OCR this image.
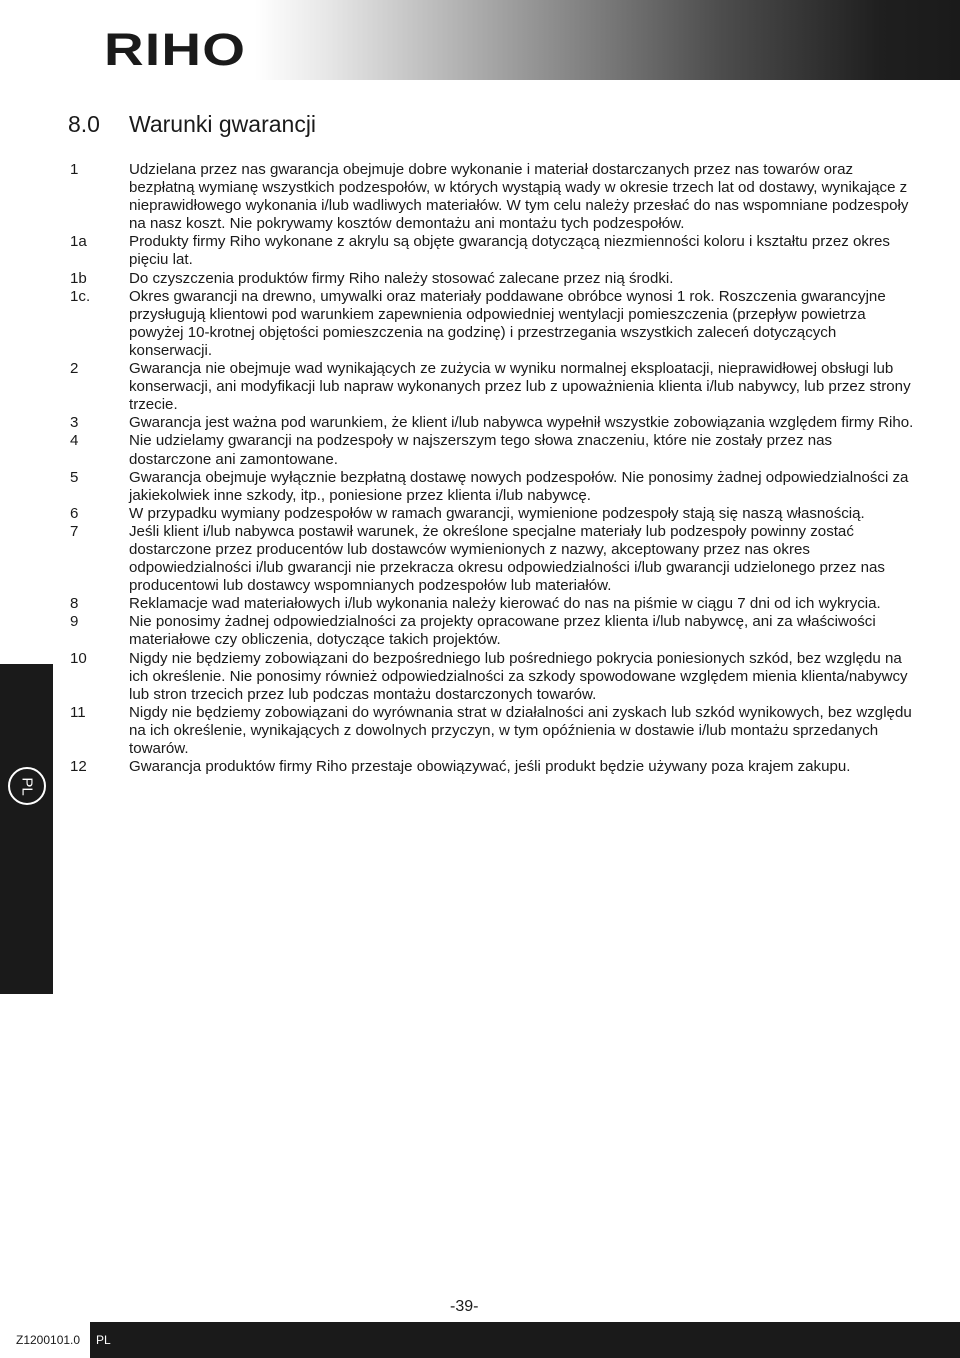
RIHO
8.0 Warunki gwarancji
1	Udzielana przez nas gwarancja obejmuje dobre wykonanie i materiał dostarczanych przez nas towarów oraz bezpłatną wymianę wszystkich podzespołów, w których wystąpią wady w okresie trzech lat od dostawy, wynikające z nieprawidłowego wykonania i/lub wadliwych materiałów. W tym celu należy przesłać do nas wspomniane podzespoły na nasz koszt. Nie pokrywamy kosztów demontażu ani montażu tych podzespołów.
1a	Produkty firmy Riho wykonane z akrylu są objęte gwarancją dotyczącą niezmienności koloru i kształtu przez okres pięciu lat.
1b	Do czyszczenia produktów firmy Riho należy stosować zalecane przez nią środki.
1c.	Okres gwarancji na drewno, umywalki oraz materiały poddawane obróbce wynosi 1 rok. Roszczenia gwarancyjne przysługują klientowi pod warunkiem zapewnienia odpowiedniej wentylacji pomieszczenia (przepływ powietrza powyżej 10-krotnej objętości pomieszczenia na godzinę) i przestrzegania wszystkich zaleceń dotyczących konserwacji.
2	Gwarancja nie obejmuje wad wynikających ze zużycia w wyniku normalnej eksploatacji, nieprawidłowej obsługi lub konserwacji, ani modyfikacji lub napraw wykonanych przez lub z upoważnienia klienta i/lub nabywcy, lub przez strony trzecie.
3	Gwarancja jest ważna pod warunkiem, że klient i/lub nabywca wypełnił wszystkie zobowiązania względem firmy Riho.
4	Nie udzielamy gwarancji na podzespoły w najszerszym tego słowa znaczeniu, które nie zostały przez nas dostarczone ani zamontowane.
5	Gwarancja obejmuje wyłącznie bezpłatną dostawę nowych podzespołów. Nie ponosimy żadnej odpowiedzialności za jakiekolwiek inne szkody, itp., poniesione przez klienta i/lub nabywcę.
6	W przypadku wymiany podzespołów w ramach gwarancji, wymienione podzespoły stają się naszą własnością.
7	Jeśli klient i/lub nabywca postawił warunek, że określone specjalne materiały lub podzespoły powinny zostać dostarczone przez producentów lub dostawców wymienionych z nazwy, akceptowany przez nas okres odpowiedzialności i/lub gwarancji nie przekracza okresu odpowiedzialności i/lub gwarancji udzielonego przez nas producentowi lub dostawcy wspomnianych podzespołów lub materiałów.
8	Reklamacje wad materiałowych i/lub wykonania należy kierować do nas na piśmie w ciągu 7 dni od ich wykrycia.
9	Nie ponosimy żadnej odpowiedzialności za projekty opracowane przez klienta i/lub nabywcę, ani za właściwości materiałowe czy obliczenia, dotyczące takich projektów.
10	Nigdy nie będziemy zobowiązani do bezpośredniego lub pośredniego pokrycia poniesionych szkód, bez względu na ich określenie. Nie ponosimy również odpowiedzialności za szkody spowodowane względem mienia klienta/nabywcy lub stron trzecich przez lub podczas montażu dostarczonych towarów.
11	Nigdy nie będziemy zobowiązani do wyrównania strat w działalności ani zyskach lub szkód wynikowych, bez względu na ich określenie, wynikających z dowolnych przyczyn, w tym opóźnienia w dostawie i/lub montażu sprzedanych towarów.
12	Gwarancja produktów firmy Riho przestaje obowiązywać, jeśli produkt będzie używany poza krajem zakupu.
PL
-39-
Z1200101.0	PL
